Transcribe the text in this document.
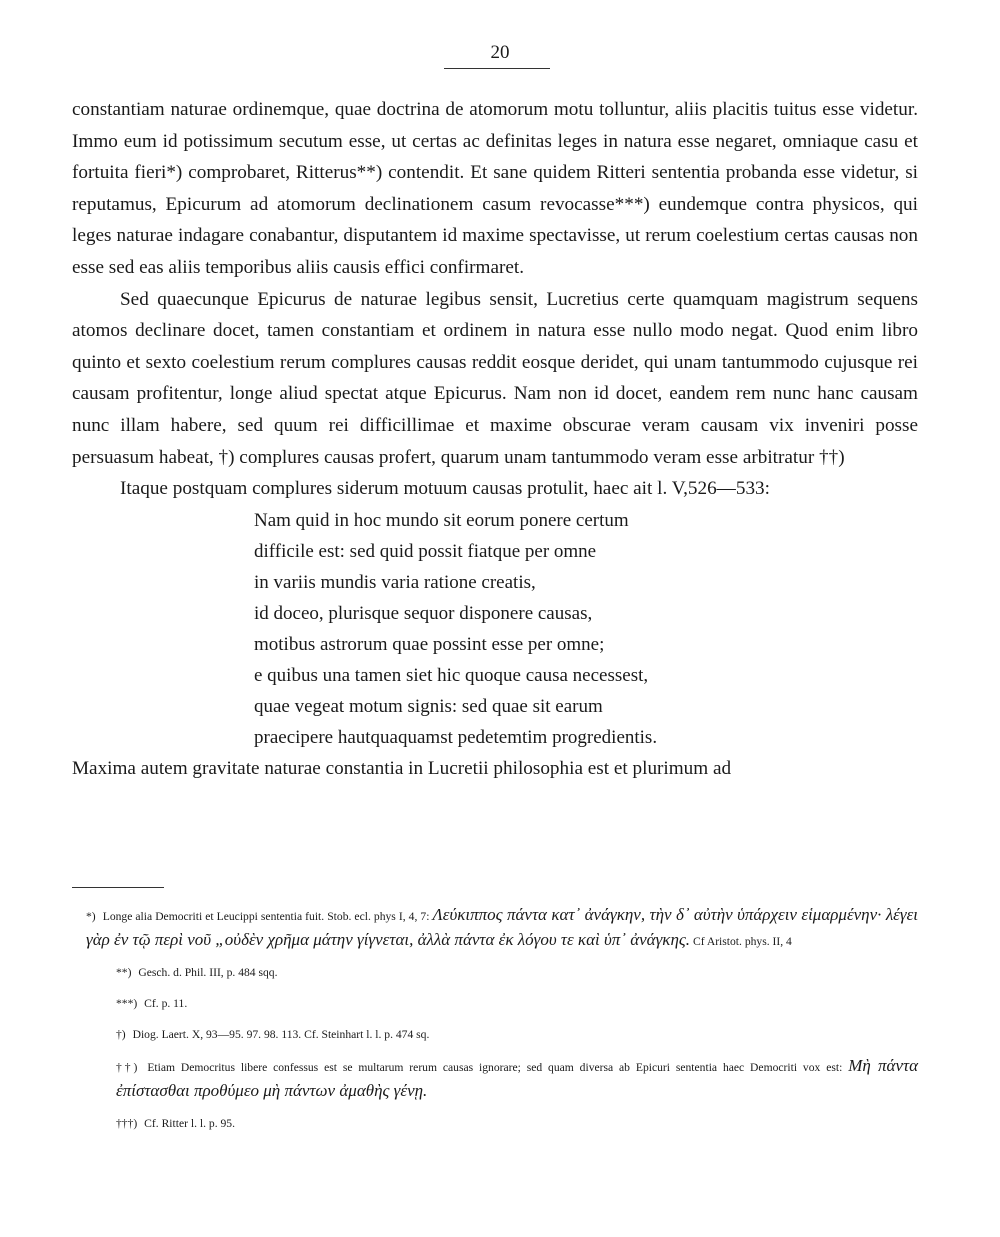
20

constantiam naturae ordinemque, quae doctrina de atomorum motu tolluntur, aliis placitis tuitus esse videtur. Immo eum id potissimum secutum esse, ut certas ac definitas leges in natura esse negaret, omniaque casu et fortuita fieri*) comprobaret, Ritterus**) contendit. Et sane quidem Ritteri sententia probanda esse videtur, si reputamus, Epicurum ad atomorum declinationem casum revocasse***) eundemque contra physicos, qui leges naturae indagare conabantur, disputantem id maxime spectavisse, ut rerum coelestium certas causas non esse sed eas aliis temporibus aliis causis effici confirmaret.

Sed quaecunque Epicurus de naturae legibus sensit, Lucretius certe quamquam magistrum sequens atomos declinare docet, tamen constantiam et ordinem in natura esse nullo modo negat. Quod enim libro quinto et sexto coelestium rerum complures causas reddit eosque deridet, qui unam tantummodo cujusque rei causam profitentur, longe aliud spectat atque Epicurus. Nam non id docet, eandem rem nunc hanc causam nunc illam habere, sed quum rei difficillimae et maxime obscurae veram causam vix inveniri posse persuasum habeat, †) complures causas profert, quarum unam tantummodo veram esse arbitratur ††)

Itaque postquam complures siderum motuum causas protulit, haec ait l. V,526—533:

Nam quid in hoc mundo sit eorum ponere certum
difficile est: sed quid possit fiatque per omne
in variis mundis varia ratione creatis,
id doceo, plurisque sequor disponere causas,
motibus astrorum quae possint esse per omne;
e quibus una tamen siet hic quoque causa necessest,
quae vegeat motum signis: sed quae sit earum
praecipere hautquaquamst pedetemtim progredientis.

Maxima autem gravitate naturae constantia in Lucretii philosophia est et plurimum ad

*) Longe alia Democriti et Leucippi sententia fuit. Stob. ecl. phys I, 4, 7: Λεύκιππος πάντα κατ᾽ ἀνάγκην, τὴν δ᾽ αὐτὴν ὑπάρχειν εἱμαρμένην· λέγει γὰρ ἐν τῷ περὶ νοῦ „οὐδὲν χρῆμα μάτην γίγνεται, ἀλλὰ πάντα ἐκ λόγου τε καὶ ὑπ᾽ ἀνάγκης. Cf Aristot. phys. II, 4

**) Gesch. d. Phil. III, p. 484 sqq.

***) Cf. p. 11.

†) Diog. Laert. X, 93—95. 97. 98. 113. Cf. Steinhart l. l. p. 474 sq.

††) Etiam Democritus libere confessus est se multarum rerum causas ignorare; sed quam diversa ab Epicuri sententia haec Democriti vox est: Μὴ πάντα ἐπίστασθαι προθύμεο μὴ πάντων ἀμαθὴς γένῃ.

†††) Cf. Ritter l. l. p. 95.
